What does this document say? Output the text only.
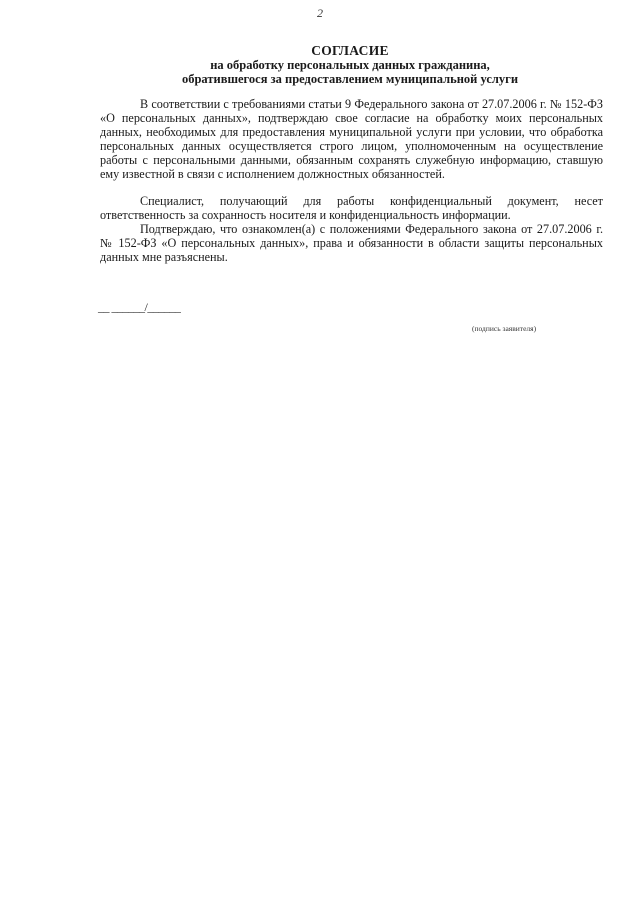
2
СОГЛАСИЕ
на обработку персональных данных гражданина,
обратившегося за предоставлением муниципальной услуги

В соответствии с требованиями статьи 9 Федерального закона от 27.07.2006 г. № 152-ФЗ «О персональных данных», подтверждаю свое согласие на обработку моих персональных данных, необходимых для предоставления муниципальной услуги при условии, что обработка персональных данных осуществляется строго лицом, уполномоченным на осуществление работы с персональными данными, обязанным сохранять служебную информацию, ставшую ему известной в связи с исполнением должностных обязанностей.

Специалист, получающий для работы конфиденциальный документ, несет ответственность за сохранность носителя и конфиденциальность информации.

Подтверждаю, что ознакомлен(а) с положениями Федерального закона от 27.07.2006 г. № 152-ФЗ «О персональных данных», права и обязанности в области защиты персональных данных мне разъяснены.

__ ______/______
(подпись заявителя)
